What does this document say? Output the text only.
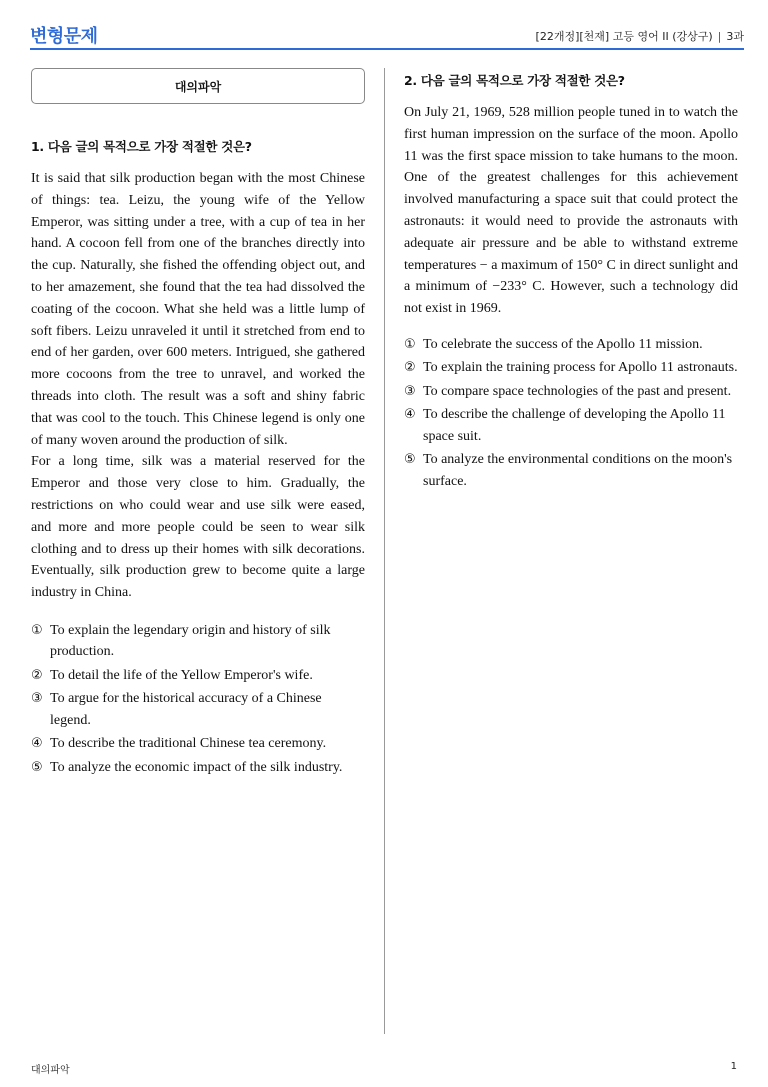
변형문제	[22개정][천재] 고등 영어 II (강상구) | 3과
대의파악
1. 다음 글의 목적으로 가장 적절한 것은?

It is said that silk production began with the most Chinese of things: tea. Leizu, the young wife of the Yellow Emperor, was sitting under a tree, with a cup of tea in her hand. A cocoon fell from one of the branches directly into the cup. Naturally, she fished the offending object out, and to her amazement, she found that the tea had dissolved the coating of the cocoon. What she held was a little lump of soft fibers. Leizu unraveled it until it stretched from end to end of her garden, over 600 meters. Intrigued, she gathered more cocoons from the tree to unravel, and worked the threads into cloth. The result was a soft and shiny fabric that was cool to the touch. This Chinese legend is only one of many woven around the production of silk.

For a long time, silk was a material reserved for the Emperor and those very close to him. Gradually, the restrictions on who could wear and use silk were eased, and more and more people could be seen to wear silk clothing and to dress up their homes with silk decorations. Eventually, silk production grew to become quite a large industry in China.

① To explain the legendary origin and history of silk production.
② To detail the life of the Yellow Emperor's wife.
③ To argue for the historical accuracy of a Chinese legend.
④ To describe the traditional Chinese tea ceremony.
⑤ To analyze the economic impact of the silk industry.
2. 다음 글의 목적으로 가장 적절한 것은?

On July 21, 1969, 528 million people tuned in to watch the first human impression on the surface of the moon. Apollo 11 was the first space mission to take humans to the moon. One of the greatest challenges for this achievement involved manufacturing a space suit that could protect the astronauts: it would need to provide the astronauts with adequate air pressure and be able to withstand extreme temperatures − a maximum of 150° C in direct sunlight and a minimum of −233° C. However, such a technology did not exist in 1969.

① To celebrate the success of the Apollo 11 mission.
② To explain the training process for Apollo 11 astronauts.
③ To compare space technologies of the past and present.
④ To describe the challenge of developing the Apollo 11 space suit.
⑤ To analyze the environmental conditions on the moon's surface.
대의파악	1
